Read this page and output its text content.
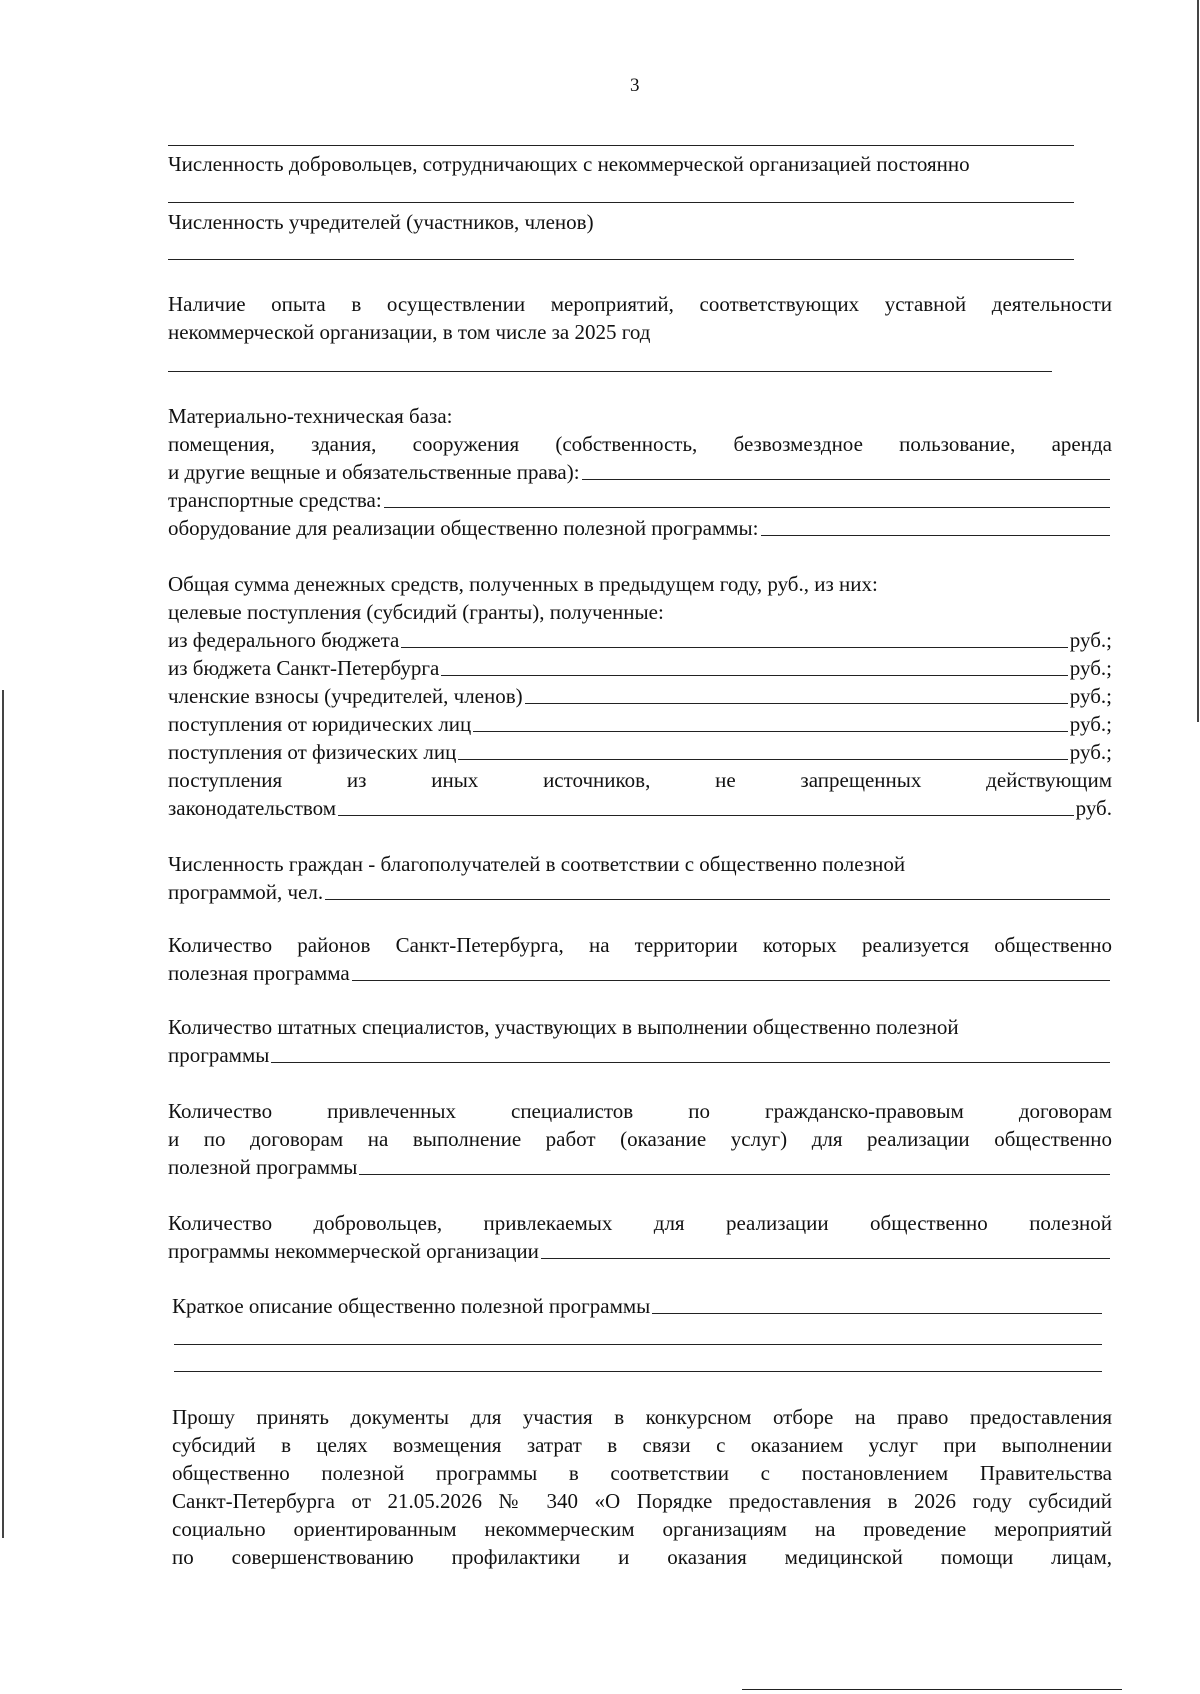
3
Численность добровольцев, сотрудничающих с некоммерческой организацией постоянно
Численность учредителей (участников, членов)
Наличие опыта в осуществлении мероприятий, соответствующих уставной деятельности
некоммерческой организации, в том числе за 2025 год
Материально-техническая база:
помещения, здания, сооружения (собственность, безвозмездное пользование, аренда
и другие вещные и обязательственные права):
транспортные средства:
оборудование для реализации общественно полезной программы:
Общая сумма денежных средств, полученных в предыдущем году, руб., из них:
целевые поступления (субсидий (гранты), полученные:
из федерального бюджета	руб.;
из бюджета Санкт-Петербурга	руб.;
членские взносы (учредителей, членов)	руб.;
поступления от юридических лиц	руб.;
поступления от физических лиц	руб.;
поступления из иных источников, не запрещенных действующим
законодательством	руб.
Численность граждан - благополучателей в соответствии с общественно полезной
программой, чел.
Количество районов Санкт-Петербурга, на территории которых реализуется общественно
полезная программа
Количество штатных специалистов, участвующих в выполнении общественно полезной
программы
Количество привлеченных специалистов по гражданско-правовым договорам
и по договорам на выполнение работ (оказание услуг) для реализации общественно
полезной программы
Количество добровольцев, привлекаемых для реализации общественно полезной
программы некоммерческой организации
Краткое описание общественно полезной программы
Прошу принять документы для участия в конкурсном отборе на право предоставления
субсидий в целях возмещения затрат в связи с оказанием услуг при выполнении
общественно полезной программы в соответствии с постановлением Правительства
Санкт-Петербурга от 21.05.2026 № 340 «О Порядке предоставления в 2026 году субсидий
социально ориентированным некоммерческим организациям на проведение мероприятий
по совершенствованию профилактики и оказания медицинской помощи лицам,
